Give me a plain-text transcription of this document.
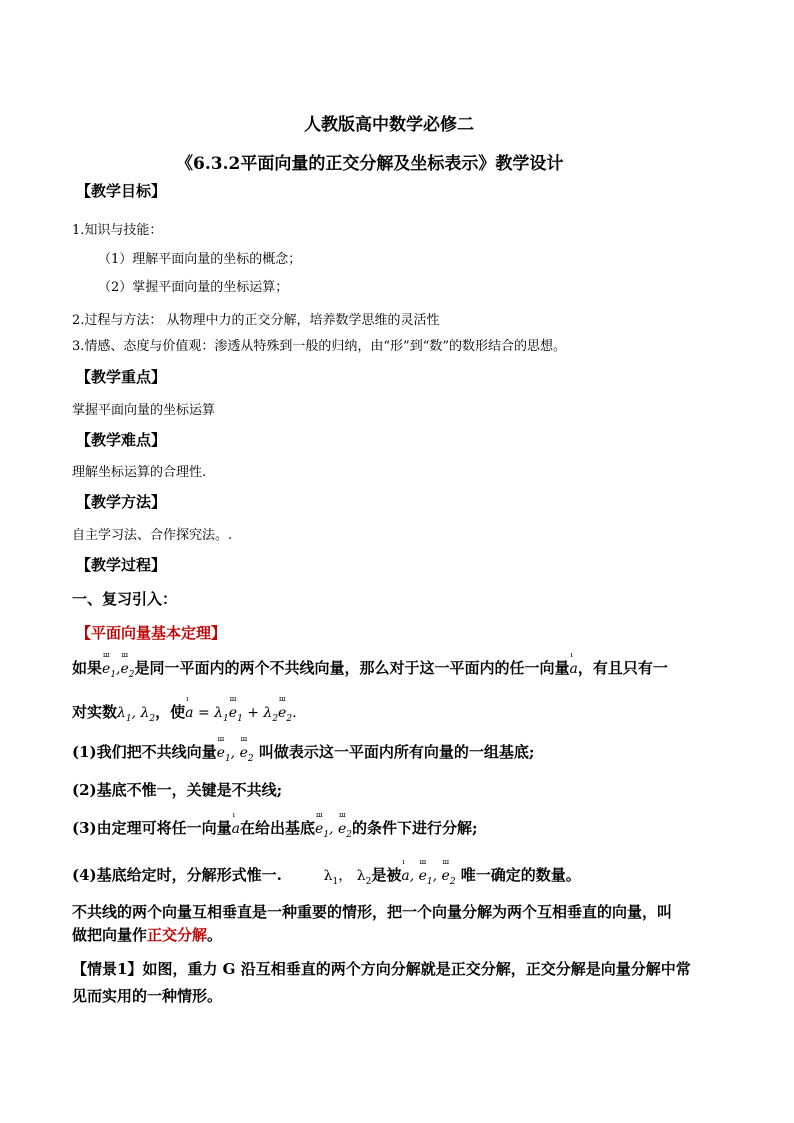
人教版高中数学必修二
《6.3.2平面向量的正交分解及坐标表示》教学设计
【教学目标】
1.知识与技能：
（1）理解平面向量的坐标的概念；
（2）掌握平面向量的坐标运算；
2.过程与方法： 从物理中力的正交分解，培养数学思维的灵活性
3.情感、态度与价值观：渗透从特殊到一般的归纳，由“形”到“数”的数形结合的思想。
【教学重点】
掌握平面向量的坐标运算
【教学难点】
理解坐标运算的合理性.
【教学方法】
自主学习法、合作探究法。.
【教学过程】
一、复习引入：
【平面向量基本定理】
如果$e_1$
ш
$,e_2$
ш
是同一平面内的两个不共线向量，那么对于这一平面内的任一向量a
ı
，有且只有一
对实数$\lambda_1$, $\lambda_2$，使a
ı
= $\lambda_1e_1$
ш
+ $\lambda_2e_2$
ш
.
(1)我们把不共线向量$e_1$
ш
, $e_2$
ш
叫做表示这一平面内所有向量的一组基底;
(2)基底不惟一，关键是不共线;
(3)由定理可将任一向量a
ı
在给出基底$e_1$
ш
, $e_2$
ш
的条件下进行分解;
(4)基底给定时，分解形式惟一.	$\lambda_1$， $\lambda_2$是被a
ı
, $e_1$
ш
, $e_2$
ш
唯一确定的数量。
不共线的两个向量互相垂直是一种重要的情形，把一个向量分解为两个互相垂直的向量，叫
做把向量作正交分解。
【情景1】如图，重力 G 沿互相垂直的两个方向分解就是正交分解，正交分解是向量分解中常
见而实用的一种情形。
